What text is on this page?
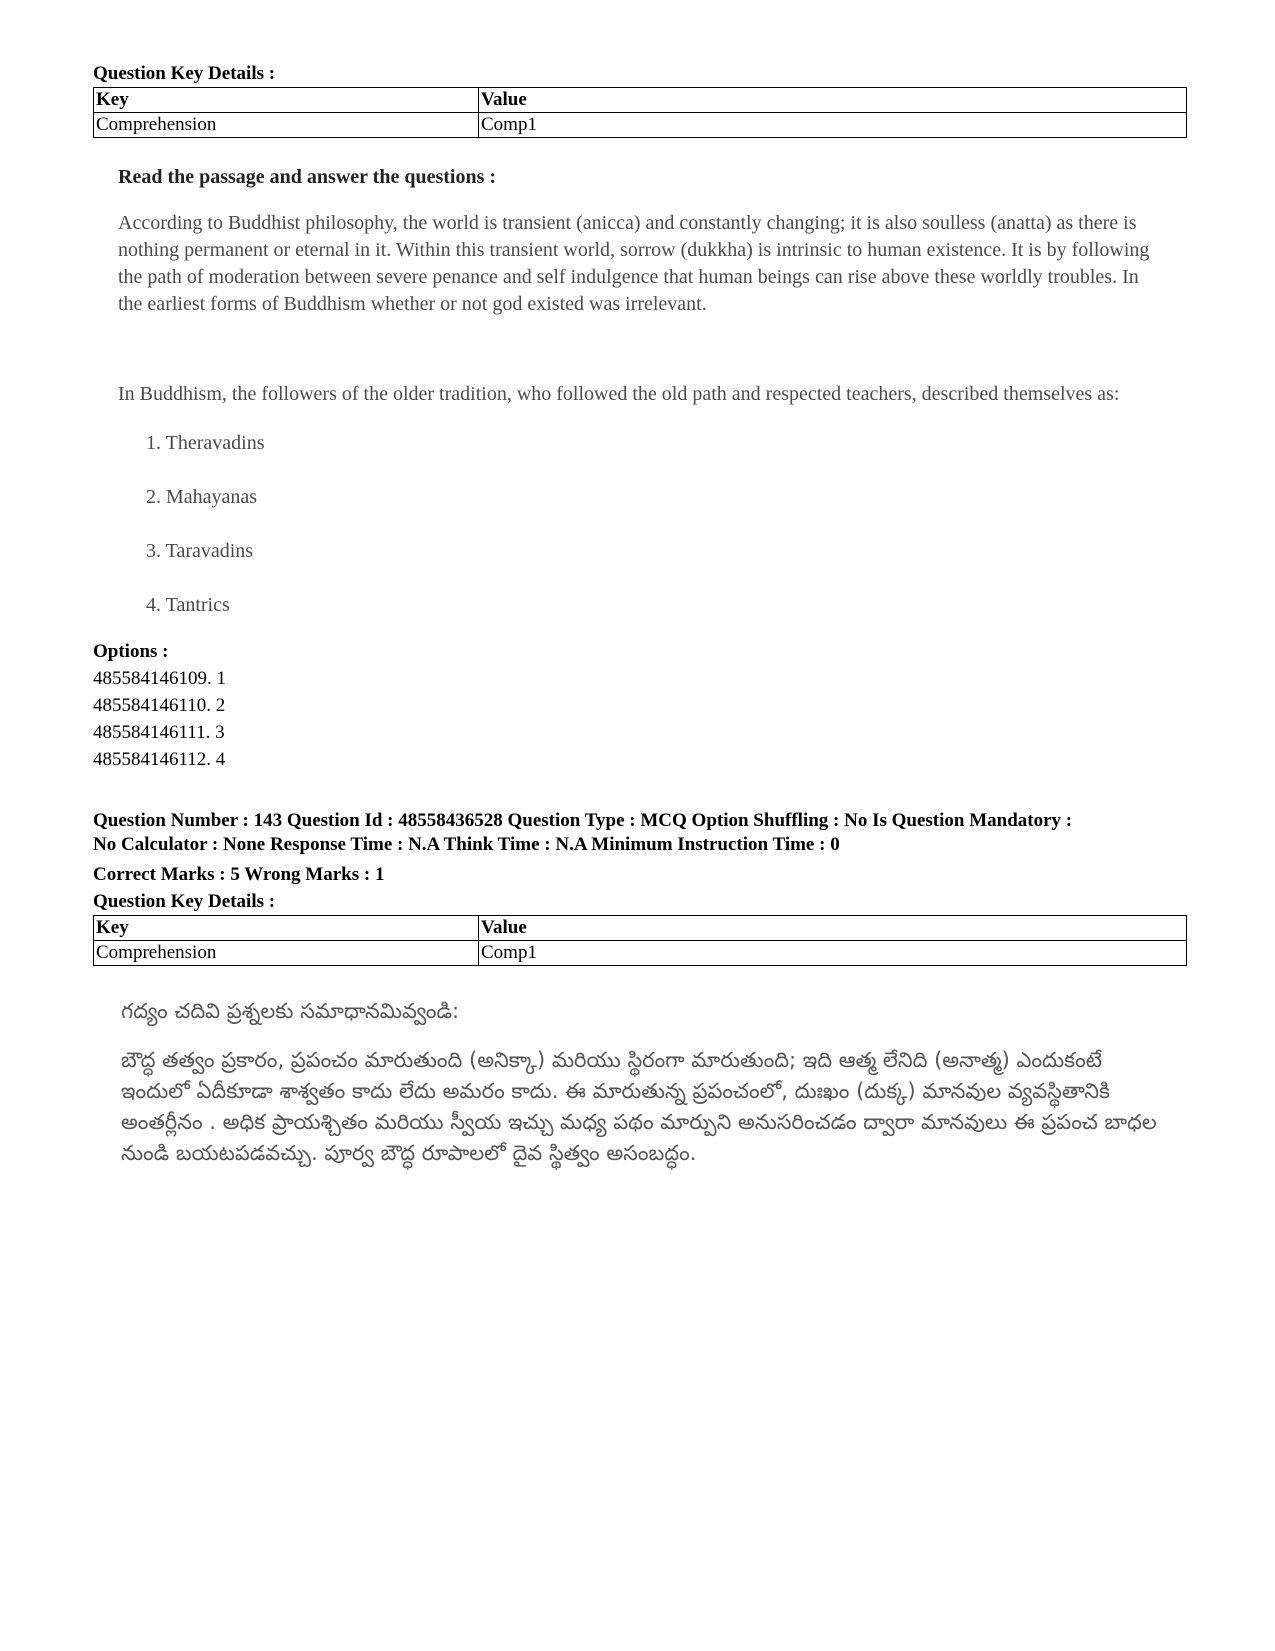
Question Key Details :
Key	Value
Comprehension	Comp1
Read the passage and answer the questions :

According to Buddhist philosophy, the world is transient (anicca) and constantly changing; it is also soulless (anatta) as there is nothing permanent or eternal in it. Within this transient world, sorrow (dukkha) is intrinsic to human existence. It is by following the path of moderation between severe penance and self indulgence that human beings can rise above these worldly troubles. In the earliest forms of Buddhism whether or not god existed was irrelevant.

In Buddhism, the followers of the older tradition, who followed the old path and respected teachers, described themselves as:

1. Theravadins
2. Mahayanas
3. Taravadins
4. Tantrics
Options :
485584146109. 1
485584146110. 2
485584146111. 3
485584146112. 4
Question Number : 143 Question Id : 48558436528 Question Type : MCQ Option Shuffling : No Is Question Mandatory :
No Calculator : None Response Time : N.A Think Time : N.A Minimum Instruction Time : 0
Correct Marks : 5 Wrong Marks : 1
Question Key Details :
Key	Value
Comprehension	Comp1
గద్యం చదివి ప్రశ్నలకు సమాధానమివ్వండి:

బౌద్ధ తత్వం ప్రకారం, ప్రపంచం మారుతుంది (అనిక్కా) మరియు స్థిరంగా మారుతుంది; ఇది ఆత్మ లేనిది (అనాత్మ) ఎందుకంటే ఇందులో ఏదీకూడా శాశ్వతం కాదు లేదు అమరం కాదు. ఈ మారుతున్న ప్రపంచంలో, దుఃఖం (దుక్క) మానవుల వ్యవస్థితానికి అంతర్లీనం . అధిక ప్రాయశ్చితం మరియు స్వీయ ఇచ్చు మధ్య పథం మార్పుని అనుసరించడం ద్వారా మానవులు ఈ ప్రపంచ బాధల నుండి బయటపడవచ్చు. పూర్వ బౌద్ధ రూపాలలో దైవ స్థిత్వం అసంబద్ధం.
